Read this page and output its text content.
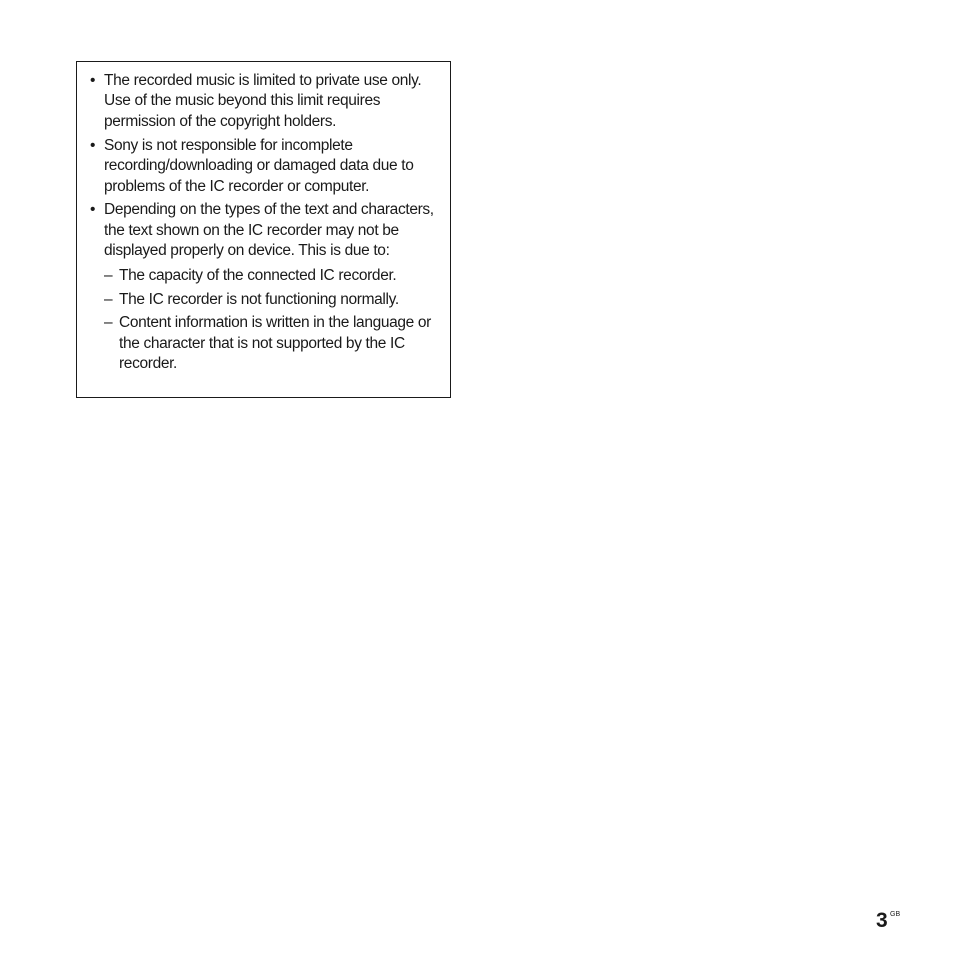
• The recorded music is limited to private use only. Use of the music beyond this limit requires permission of the copyright holders.
• Sony is not responsible for incomplete recording/downloading or damaged data due to problems of the IC recorder or computer.
• Depending on the types of the text and characters, the text shown on the IC recorder may not be displayed properly on device. This is due to:
– The capacity of the connected IC recorder.
– The IC recorder is not functioning normally.
– Content information is written in the language or the character that is not supported by the IC recorder.
3 GB
